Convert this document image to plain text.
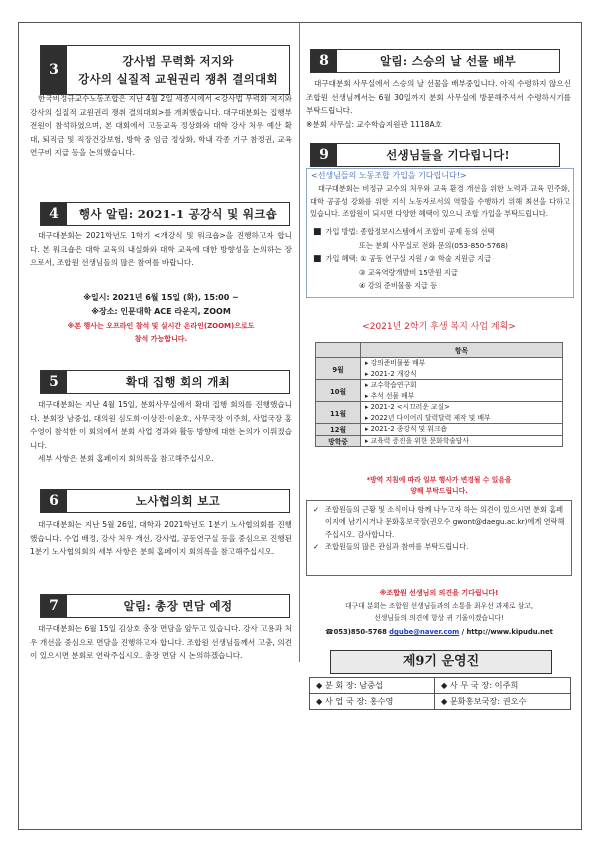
3
강사법 무력화 저지와
강사의 실질적 교원권리 쟁취 결의대회

한국비정규교수노동조합은 지난 4월 2일 세종시에서 <강사법 무력화 저지와 강사의 실질적 교원권리 쟁취 결의대회>를 개최했습니다. 대구대분회는 집행부 전원이 참석하였으며, 본 대회에서 고등교육 정상화와 대학 강사 처우 예산 확대, 퇴직금 및 직장건강보험, 방학 중 임금 정상화, 학내 각종 기구 참정권, 교육 연구비 지급 등을 논의했습니다.

4	행사 알림: 2021-1 공강식 및 워크숍

대구대분회는 2021학년도 1학기 <개강식 및 워크숍>을 진행하고자 합니다. 본 워크숍은 대학 교육의 내실화와 대학 교육에 대한 방향성을 논의하는 장으로서, 조합원 선생님들의 많은 참여를 바랍니다.

※일시: 2021년 6월 15일 (화), 15:00 ~
※장소: 인문대학 ACE 라운지, ZOOM
※본 행사는 오프라인 참석 및 실시간 온라인(ZOOM)으로도
참석 가능합니다.
5	확대 집행 회의 개최

대구대분회는 지난 4월 15일, 분회사무실에서 확대 집행 회의를 진행했습니다. 분회장 남중섭, 대의원 심도희·이상진·이윤호, 사무국장 이주희, 사업국장 홍수영이 참석한 이 회의에서 분회 사업 경과와 활동 방향에 대한 논의가 이뤄졌습니다.

세부 사항은 분회 홈페이지 회의록을 참고해주십시오.

6	노사협의회 보고

대구대분회는 지난 5월 26일, 대학과 2021학년도 1분기 노사협의회를 진행했습니다. 수업 배정, 강사 처우 개선, 강사법, 공동연구실 등을 중심으로 진행된 1분기 노사협의회의 세부 사항은 분회 홈페이지 회의록을 참고해주십시오.

7	알림: 총장 면담 예정

대구대분회는 6월 15일 김상호 총장 면담을 앞두고 있습니다. 강사 고용과 처우 개선을 중심으로 면담을 진행하고자 합니다. 조합원 선생님들께서 고충, 의견이 있으시면 분회로 연락주십시오. 총장 면담 시 논의하겠습니다.

8	알림: 스승의 날 선물 배부

대구대분회 사무실에서 스승의 날 선물을 배부중입니다. 아직 수령하지 않으신 조합원 선생님께서는 6월 30일까지 분회 사무실에 방문해주셔서 수령하시기를 부탁드립니다.

※분회 사무실: 교수학습지원관 1118A호
9	선생님들을 기다립니다!
<선생님들의 노동조합 가입을 기다립니다!>

대구대분회는 비정규 교수의 처우와 교육 환경 개선을 위한 노력과 교육 민주화, 대학 공공성 강화를 위한 지식 노동자로서의 역할을 수행하기 위해 최선을 다하고 있습니다. 조합원이 되시면 다양한 혜택이 있으니 조합 가입을 부탁드립니다.

■ 가입 방법: 종합정보시스템에서 조합비 공제 동의 선택
또는 분회 사무실로 전화 문의(053-850-5768)
■ 가입 혜택: ① 공동 연구실 지원 / ② 학술 지원금 지급
③ 교육역량개발비 15만원 지급
④ 강의 준비물품 지급 등
<2021년 2학기 후생 복지 사업 계획>
	항목
9월	▸ 강의준비물품 배부
▸ 2021-2 개강식

10월	▸ 교수학습연구회
▸ 추석 선물 배부

11월	▸ 2021-2 <시끄러운 교실>
▸ 2022년 다이어리 달력달력 제작 및 배부

12월	▸ 2021-2 종강식 및 워크숍

방학중	▸ 교육력 증진을 위한 문화학술답사
*방역 지침에 따라 일부 행사가 변경될 수 있음을
양해 부탁드립니다.
✓ 조합원들의 근황 및 소식이나 함께 나누고자 하는 의견이 있으시면 분회 홈페이지에 남기시거나 문화홍보국장(권오수 gwont@daegu.ac.kr)에게 연락해 주십시오. 감사합니다.
✓ 조합원들의 많은 관심과 참여를 부탁드립니다.
※조합원 선생님의 의견을 기다립니다!
대구대 분회는 조합원 선생님들과의 소통을 최우선 과제로 삼고,
선생님들의 의견에 항상 귀 기울이겠습니다!
☎053)850-5768 dgube@naver.com / http://www.kipudu.net
제9기 운영진
◆ 분 회 장: 남중섭	◆ 사 무 국 장: 이주희
◆ 사 업 국 장: 홍수영	◆ 문화홍보국장: 권오수
